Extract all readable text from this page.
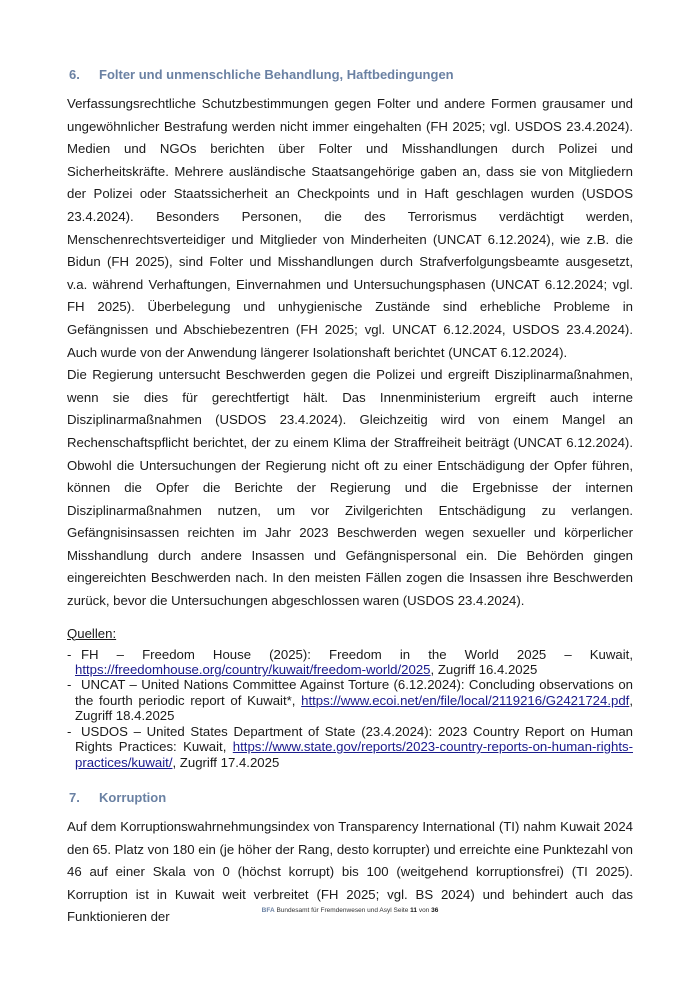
6.	Folter und unmenschliche Behandlung, Haftbedingungen

Verfassungsrechtliche Schutzbestimmungen gegen Folter und andere Formen grausamer und ungewöhnlicher Bestrafung werden nicht immer eingehalten (FH 2025; vgl. USDOS 23.4.2024). Medien und NGOs berichten über Folter und Misshandlungen durch Polizei und Sicherheitskräfte. Mehrere ausländische Staatsangehörige gaben an, dass sie von Mitgliedern der Polizei oder Staatssicherheit an Checkpoints und in Haft geschlagen wurden (USDOS 23.4.2024). Besonders Personen, die des Terrorismus verdächtigt werden, Menschenrechtsverteidiger und Mitglieder von Minderheiten (UNCAT 6.12.2024), wie z.B. die Bidun (FH 2025), sind Folter und Misshandlungen durch Strafverfolgungsbeamte ausgesetzt, v.a. während Verhaftungen, Einvernahmen und Untersuchungsphasen (UNCAT 6.12.2024; vgl. FH 2025). Überbelegung und unhygienische Zustände sind erhebliche Probleme in Gefängnissen und Abschiebezentren (FH 2025; vgl. UNCAT 6.12.2024, USDOS 23.4.2024). Auch wurde von der Anwendung längerer Isolationshaft berichtet (UNCAT 6.12.2024).

Die Regierung untersucht Beschwerden gegen die Polizei und ergreift Disziplinarmaßnahmen, wenn sie dies für gerechtfertigt hält. Das Innenministerium ergreift auch interne Disziplinarmaßnahmen (USDOS 23.4.2024). Gleichzeitig wird von einem Mangel an Rechenschaftspflicht berichtet, der zu einem Klima der Straffreiheit beiträgt (UNCAT 6.12.2024). Obwohl die Untersuchungen der Regierung nicht oft zu einer Entschädigung der Opfer führen, können die Opfer die Berichte der Regierung und die Ergebnisse der internen Disziplinarmaßnahmen nutzen, um vor Zivilgerichten Entschädigung zu verlangen. Gefängnisinsassen reichten im Jahr 2023 Beschwerden wegen sexueller und körperlicher Misshandlung durch andere Insassen und Gefängnispersonal ein. Die Behörden gingen eingereichten Beschwerden nach. In den meisten Fällen zogen die Insassen ihre Beschwerden zurück, bevor die Untersuchungen abgeschlossen waren (USDOS 23.4.2024).

Quellen:
- FH – Freedom House (2025): Freedom in the World 2025 – Kuwait, https://freedomhouse.org/country/kuwait/freedom-world/2025, Zugriff 16.4.2025
- UNCAT – United Nations Committee Against Torture (6.12.2024): Concluding observations on the fourth periodic report of Kuwait*, https://www.ecoi.net/en/file/local/2119216/G2421724.pdf, Zugriff 18.4.2025
- USDOS – United States Department of State (23.4.2024): 2023 Country Report on Human Rights Practices: Kuwait, https://www.state.gov/reports/2023-country-reports-on-human-rights-practices/kuwait/, Zugriff 17.4.2025
7.	Korruption

Auf dem Korruptionswahrnehmungsindex von Transparency International (TI) nahm Kuwait 2024 den 65. Platz von 180 ein (je höher der Rang, desto korrupter) und erreichte eine Punktezahl von 46 auf einer Skala von 0 (höchst korrupt) bis 100 (weitgehend korruptionsfrei) (TI 2025). Korruption ist in Kuwait weit verbreitet (FH 2025; vgl. BS 2024) und behindert auch das Funktionieren der	BFA Bundesamt für Fremdenwesen und Asyl Seite 11 von 36
